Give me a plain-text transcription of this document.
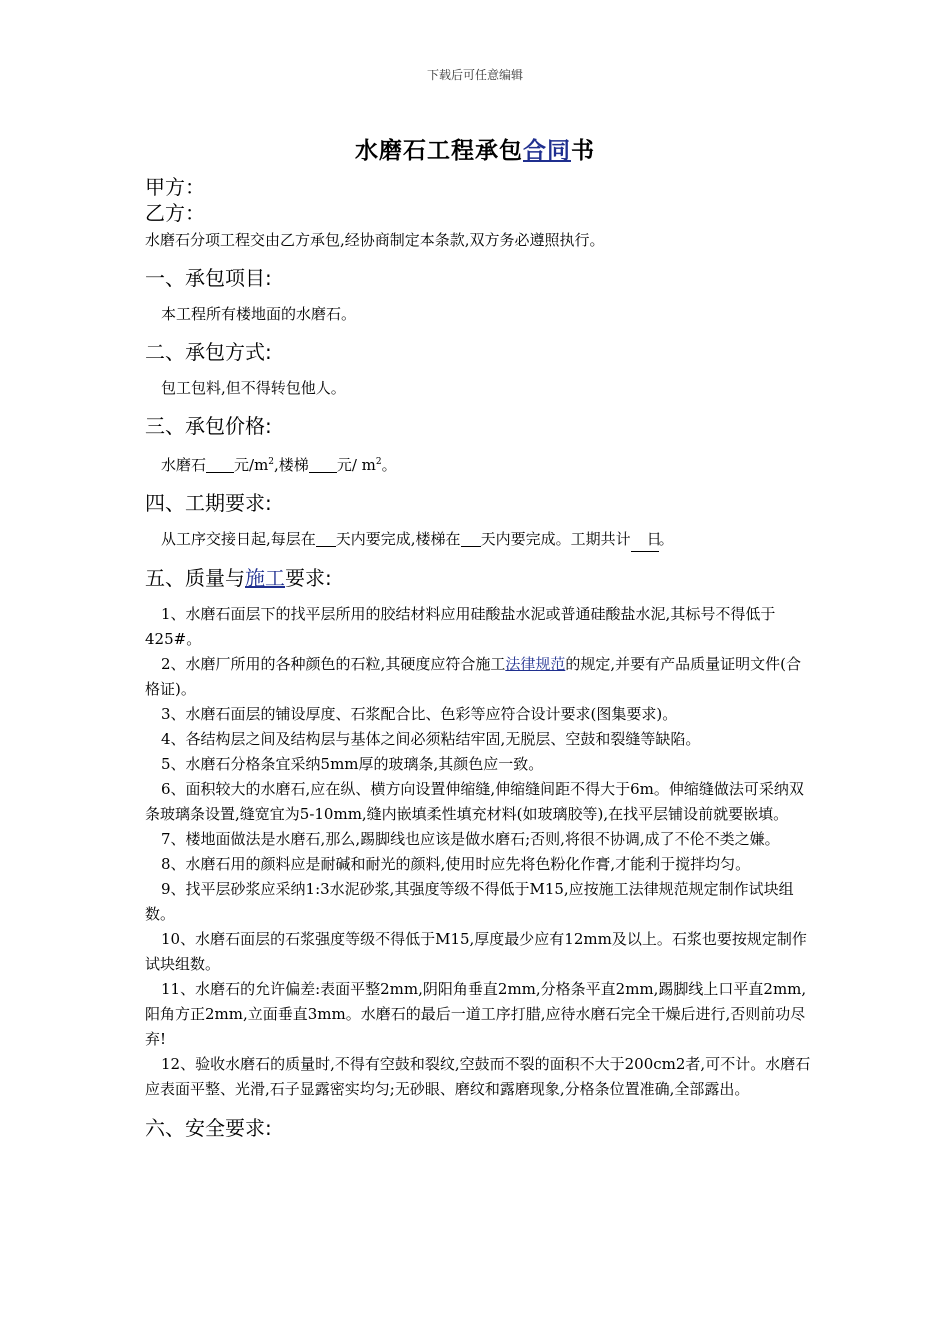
下载后可任意编辑
水磨石工程承包合同书

甲方：

乙方：

水磨石分项工程交由乙方承包,经协商制定本条款,双方务必遵照执行。

一、承包项目:

本工程所有楼地面的水磨石。

二、承包方式:

包工包料,但不得转包他人。

三、承包价格:

水磨石 元$/m^2$,楼梯 元/ $m^2$。

四、工期要求:

从工序交接日起,每层在 天内要完成,楼梯在 天内要完成。工期共计 日。

五、质量与施工要求:

1、水磨石面层下的找平层所用的胶结材料应用硅酸盐水泥或普通硅酸盐水泥,其标号不得低于425#。

2、水磨厂所用的各种颜色的石粒,其硬度应符合施工法律规范的规定,并要有产品质量证明文件(合格证)。

3、水磨石面层的铺设厚度、石浆配合比、色彩等应符合设计要求(图集要求)。

4、各结构层之间及结构层与基体之间必须粘结牢固,无脱层、空鼓和裂缝等缺陷。

5、水磨石分格条宜采纳5mm厚的玻璃条,其颜色应一致。

6、面积较大的水磨石,应在纵、横方向设置伸缩缝,伸缩缝间距不得大于6m。伸缩缝做法可采纳双条玻璃条设置,缝宽宜为5-10mm,缝内嵌填柔性填充材料(如玻璃胶等),在找平层铺设前就要嵌填。

7、楼地面做法是水磨石,那么,踢脚线也应该是做水磨石;否则,将很不协调,成了不伦不类之嫌。

8、水磨石用的颜料应是耐碱和耐光的颜料,使用时应先将色粉化作膏,才能利于搅拌均匀。

9、找平层砂浆应采纳1:3水泥砂浆,其强度等级不得低于M15,应按施工法律规范规定制作试块组数。

10、水磨石面层的石浆强度等级不得低于M15,厚度最少应有12mm及以上。石浆也要按规定制作试块组数。

11、水磨石的允许偏差:表面平整2mm,阴阳角垂直2mm,分格条平直2mm,踢脚线上口平直2mm,阳角方正2mm,立面垂直3mm。水磨石的最后一道工序打腊,应待水磨石完全干燥后进行,否则前功尽弃!

12、验收水磨石的质量时,不得有空鼓和裂纹,空鼓而不裂的面积不大于200cm2者,可不计。水磨石应表面平整、光滑,石子显露密实均匀;无砂眼、磨纹和露磨现象,分格条位置准确,全部露出。

六、安全要求:
